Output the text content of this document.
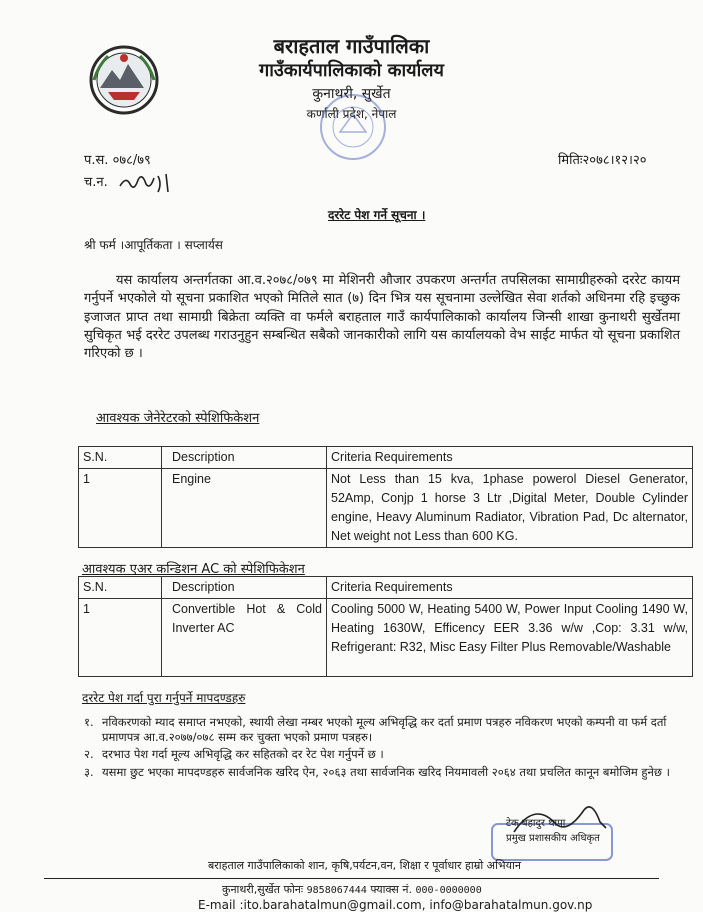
बराहताल गाउँपालिका
गाउँकार्यपालिकाको कार्यालय
कुनाथरी, सुर्खेत
कर्णाली प्रदेश, नेपाल
प.स. ०७८/७९
च.न.
मितिः२०७८।१२।२०
दररेट पेश गर्ने सूचना ।
श्री फर्म ।आपूर्तिकता । सप्लार्यस
यस कार्यालय अन्तर्गतका आ.व.२०७८/०७९ मा मेशिनरी औजार उपकरण अन्तर्गत तपसिलका सामाग्रीहरुको दररेट कायम गर्नुपर्ने भएकोले यो सूचना प्रकाशित भएको मितिले सात (७) दिन भित्र यस सूचनामा उल्लेखित सेवा शर्तको अधिनमा रहि इच्छुक इजाजत प्राप्त तथा सामाग्री बिक्रेता व्यक्ति वा फर्मले बराहताल गाउँ कार्यपालिकाको कार्यालय जिन्सी शाखा कुनाथरी सुर्खेतमा सुचिकृत भई दररेट उपलब्ध गराउनुहुन सम्बन्धित सबैको जानकारीको लागि यस कार्यालयको वेभ साईट मार्फत यो सूचना प्रकाशित गरिएको छ ।
आवश्यक जेनेरेटरको स्पेशिफिकेशन
S.N.	Description	Criteria Requirements
1	Engine	Not Less than 15 kva, 1phase powerol Diesel Generator, 52Amp, Conjp 1 horse 3 Ltr ,Digital Meter, Double Cylinder engine, Heavy Aluminum Radiator, Vibration Pad, Dc alternator, Net weight not Less than 600 KG.
आवश्यक एअर कन्डिशन AC को स्पेशिफिकेशन
S.N.	Description	Criteria Requirements
1	Convertible Hot & Cold Inverter AC	Cooling 5000 W, Heating 5400 W, Power Input Cooling 1490 W, Heating 1630W, Efficency EER 3.36 w/w ,Cop: 3.31 w/w, Refrigerant: R32, Misc Easy Filter Plus Removable/Washable
दररेट पेश गर्दा पुरा गर्नुपर्ने मापदण्डहरु
१. नविकरणको म्याद समाप्त नभएको, स्थायी लेखा नम्बर भएको मूल्य अभिवृद्धि कर दर्ता प्रमाण पत्रहरु नविकरण भएको कम्पनी वा फर्म दर्ता प्रमाणपत्र आ.व.२०७७/०७८ सम्म कर चुक्ता भएको प्रमाण पत्रहरु।
२. दरभाउ पेश गर्दा मूल्य अभिवृद्धि कर सहितको दर रेट पेश गर्नुपर्ने छ ।
३. यसमा छुट भएका मापदण्डहरु सार्वजनिक खरिद ऐन, २०६३ तथा सार्वजनिक खरिद नियमावली २०६४ तथा प्रचलित कानून बमोजिम हुनेछ ।
टेक बहादुर थापा
प्रमुख प्रशासकीय अधिकृत
बराहताल गाउँपालिकाको शान, कृषि,पर्यटन,वन, शिक्षा र पूर्वाधार हाम्रो अभियान
कुनाथरी,सुर्खेत फोनः 9858067444 फ्याक्स नं. 000-0000000
E-mail :ito.barahatalmun@gmail.com, info@barahatalmun.gov.np
